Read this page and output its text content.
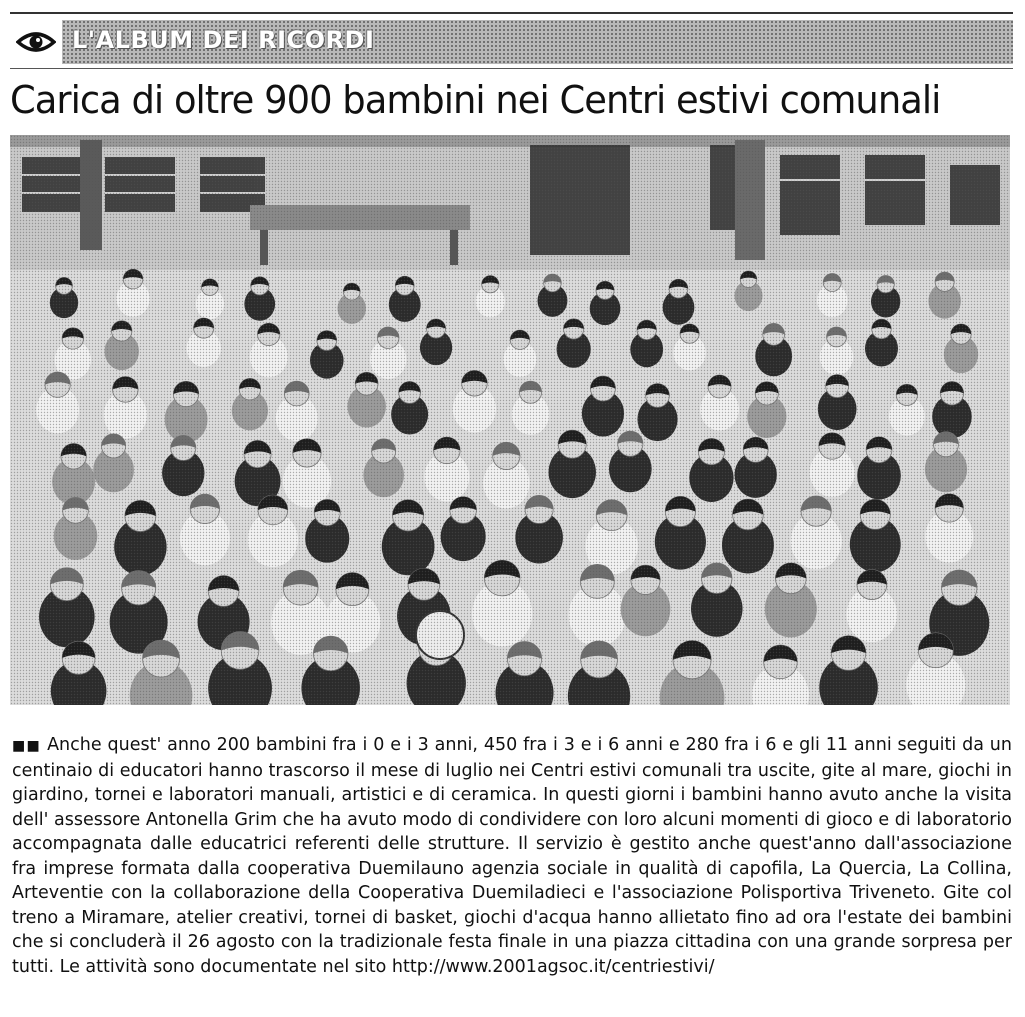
L'ALBUM DEI RICORDI
Carica di oltre 900 bambini nei Centri estivi comunali

■■ Anche quest' anno 200 bambini fra i 0 e i 3 anni, 450 fra i 3 e i 6 anni e 280 fra i 6 e gli 11 anni seguiti da un centinaio di educatori hanno trascorso il mese di luglio nei Centri estivi comunali tra uscite, gite al mare, giochi in giardino, tornei e laboratori manuali, artistici e di ceramica. In questi giorni i bambini hanno avuto anche la visita dell' assessore Antonella Grim che ha avuto modo di condividere con loro alcuni momenti di gioco e di laboratorio accompagnata dalle educatrici referenti delle strutture. Il servizio è gestito anche quest'anno dall'associazione fra imprese formata dalla cooperativa Duemilauno agenzia sociale in qualità di capofila, La Quercia, La Collina, Arteventie con la collaborazione della Cooperativa Duemiladieci e l'associazione Polisportiva Triveneto. Gite col treno a Miramare, atelier creativi, tornei di basket, giochi d'acqua hanno allietato fino ad ora l'estate dei bambini che si concluderà il 26 agosto con la tradizionale festa finale in una piazza cittadina con una grande sorpresa per tutti. Le attività sono documentate nel sito http://www.2001agsoc.it/centriestivi/
